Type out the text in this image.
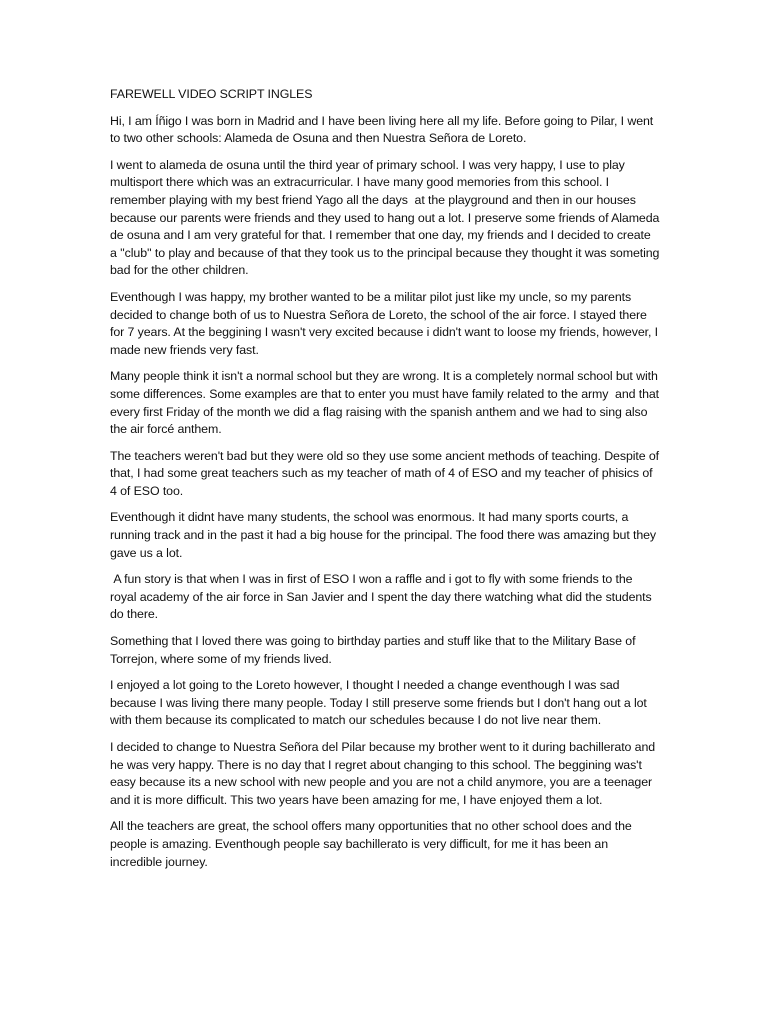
FAREWELL VIDEO SCRIPT INGLES

Hi, I am Íñigo I was born in Madrid and I have been living here all my life. Before going to Pilar, I went to two other schools: Alameda de Osuna and then Nuestra Señora de Loreto.

I went to alameda de osuna until the third year of primary school. I was very happy, I use to play multisport there which was an extracurricular. I have many good memories from this school. I remember playing with my best friend Yago all the days  at the playground and then in our houses because our parents were friends and they used to hang out a lot. I preserve some friends of Alameda de osuna and I am very grateful for that. I remember that one day, my friends and I decided to create a ''club'' to play and because of that they took us to the principal because they thought it was someting bad for the other children.

Eventhough I was happy, my brother wanted to be a militar pilot just like my uncle, so my parents decided to change both of us to Nuestra Señora de Loreto, the school of the air force. I stayed there for 7 years. At the beggining I wasn't very excited because i didn't want to loose my friends, however, I made new friends very fast.

Many people think it isn't a normal school but they are wrong. It is a completely normal school but with some differences. Some examples are that to enter you must have family related to the army  and that every first Friday of the month we did a flag raising with the spanish anthem and we had to sing also the air forcé anthem.

The teachers weren't bad but they were old so they use some ancient methods of teaching. Despite of that, I had some great teachers such as my teacher of math of 4 of ESO and my teacher of phisics of 4 of ESO too.

Eventhough it didnt have many students, the school was enormous. It had many sports courts, a running track and in the past it had a big house for the principal. The food there was amazing but they gave us a lot.

A fun story is that when I was in first of ESO I won a raffle and i got to fly with some friends to the royal academy of the air force in San Javier and I spent the day there watching what did the students do there.

Something that I loved there was going to birthday parties and stuff like that to the Military Base of Torrejon, where some of my friends lived.

I enjoyed a lot going to the Loreto however, I thought I needed a change eventhough I was sad because I was living there many people. Today I still preserve some friends but I don't hang out a lot with them because its complicated to match our schedules because I do not live near them.

I decided to change to Nuestra Señora del Pilar because my brother went to it during bachillerato and he was very happy. There is no day that I regret about changing to this school. The beggining was't easy because its a new school with new people and you are not a child anymore, you are a teenager and it is more difficult. This two years have been amazing for me, I have enjoyed them a lot.

All the teachers are great, the school offers many opportunities that no other school does and the people is amazing. Eventhough people say bachillerato is very difficult, for me it has been an incredible journey.
